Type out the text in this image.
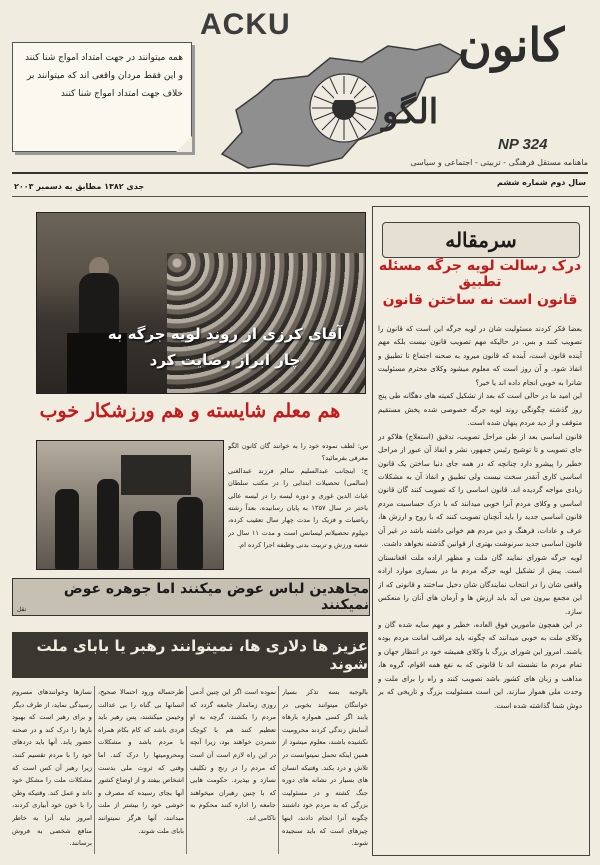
ACKU
همه میتوانند در جهت امتداد امواج شنا کنند و این فقط مردان واقعی اند که میتوانند بر خلاف جهت امتداد امواج شنا کنند
کانون
الگو
NP 324
ماهنامه مستقل فرهنگی - تربیتی - اجتماعی و سیاسی
سال دوم شماره ششم
جدی ۱۳۸۲ مطابق به دسمبر ۲۰۰۳
سرمقاله
درک رسالت لویه جرگه مسئله تطبیق
قانون است نه ساختن قانون

بعضا فکر کردند مسئولیت شان در لویه جرگه این است که قانون را تصویب کنند و بس. در حالیکه مهم تصویب قانون نیست بلکه مهم آینده قانون است، آینده که قانون میرود به صحنه اجتماع تا تطبیق و انفاذ شود. و آن روز است که معلوم میشود وکلای محترم مسئولیت شانرا به خوبی انجام داده اند یا خیر؟

این امید ما در حالی است که بعد از تشکیل کمیته های دهگانه طی پنج روز گذشته چگونگی روند لویه جرگه خصوصی شده پخش مستقیم متوقف و از دید مردم پنهان شده است.

قانون اساسی بعد از طی مراحل تصویب، تدقیق (استعلاج) هلاکو در جای تصویب و تا توشیح رئیس جمهور، نشر و انفاذ آن عبور از مراحل خطیر را پیشرو دارد چنانچه که در همه جای دنیا ساختن یک قانون اساسی کاری آنقدر سخت نیست ولی تطبیق و انفاذ آن به مشکلات زیادی مواجه گردیده اند. قانون اساسی را که تصویب کنند گان قانون اساسی و وکلای مردم آنرا خوبی میدانند که با درک حساسیت مردم قانون اساسی جدید را باید آنچنان تصویب کنند که با روح و ارزش ها، عرف و عادات، فرهنگ و دین مردم هم خوانی داشته باشد در غیر آن قانون اساسی جدید سرنوشت بهتری از قوانین گذشته نخواهد داشت.

لویه جرگه شورای نمایند گان ملت و مظهر اراده ملت افغانستان است. پیش از تشکیل لویه جرگه مردم ما در بسیاری موارد اراده واقعی شان را در انتخاب نمایندگان شان دخیل ساختند و قانونی که از این مجمع بیرون می آید باید ارزش ها و آرمان های آنان را منعکس سازد.

در این همچون مامورین فوق العاده، خطیر و مهم سایه شده گان و وکلای ملت به خوبی میدانند که چگونه باید مراقب امانت مردم بوده باشند. امروز این شورای بزرگ با وکلای همیشه خود در انتظار جهان و تمام مردم ما نشسته اند تا قانونی که به نفع همه اقوام، گروه ها، مذاهب و زبان های کشور باشد تصویب کنند و راه را برای ملت و وحدت ملی هموار سازند. این است مسئولیت بزرگ و تاریخی که بر دوش شما گذاشته شده است.

آقای کرزی از روند لویه جرگه به چار ابراز رضایت کرد
هم معلم شایسته و هم ورزشکار خوب

س: لطف نموده خود را به خوانند گان کانون الگو معرفی بفرمائید؟

ج: اینجانب عبدالسلیم سالم فرزند عبدالغنی (سالمی) تحصیلات ابتدایی را در مکتب سلطان غیاث الدین غوری و دوره لیسه را در لیسه عالی باختر در سال ۱۳۵۷ به پایان رسانیده، بعداً رشته ریاضیات و فزیک را مدت چهار سال تعقیب کرده، دیپلوم تحصیلاتم لیسانس است و مدت ۱۱ سال در شعبه ورزش و تربیت بدنی وظیفه اجرا کرده ام.

مجاهدین لباس عوض میکنند اما جوهره عوض نمیکنند
نقل
عزیز ها دلاری ها، نمیتوانند رهبر یا بابای ملت شوند
بالوجبه بسه تذکر بسیار خواننگان میتوانند بخوبی در یابند اگر کسی همواره بارهاه آسایش زندگی کردند محرومیت نکشیده باشند، معلوم میشود از همین اینکه تحمل نمیتوانست در تلاش و درد بکند. وقتیکه انسان های بسیار در نشانه های دوره جنگ کشته و در مسئولیت بزرگی که به مردم خود داشتند چگونه آنرا انجام دادند، اینها چیزهای است که باید سنجیده شوند.
نموده است اگر این چنین آدمی روزی زمامدار جامعه گردد که مردم را بکشند، گرچه به او تعظیم کنند هم با کوچک شمردن خواهند بود، زیرا آنچه در این راه لازم است آن است که مردم را در رنج و تکلیف نسازد و بپذیرد. حکومت هایی که با چنین رهبران میخواهند جامعه را اداره کنند محکوم به ناکامی اند.
ظرحساله ورود احتمالا صحیح، انسانها بی گناه را بی عدالت وخیمن میکشند، پس رهبر باید فردی باشد که کام بکام همراه با مردم باشد و مشکلات ومحرومیتها را درک کند. اما وقتی که ثروت ملی بدست اشخاص بیفتد و از اوضاع کشور آنها بجای رسیده که مصرف و خوشی خود را بیشتر از ملت میدانند، آنها هرگز نمیتوانند بابای ملت شوند.
نسازها وخوانندهای مسروم رسیدگی نماید، از طرف دیگر و برای رهبر است که بهبود بارها را درک کند و در صحنه حضور یابد. آنها باید دردهای خود را با مردم تقسیم کنند، زیرا رهبر آن کس است که مشکلات ملت را مشکل خود داند و عمل کند. وقتیکه وطن را با خون خود آبیاری کردند، امروز نباید آنرا به خاطر منافع شخصی به فروش برسانند.
